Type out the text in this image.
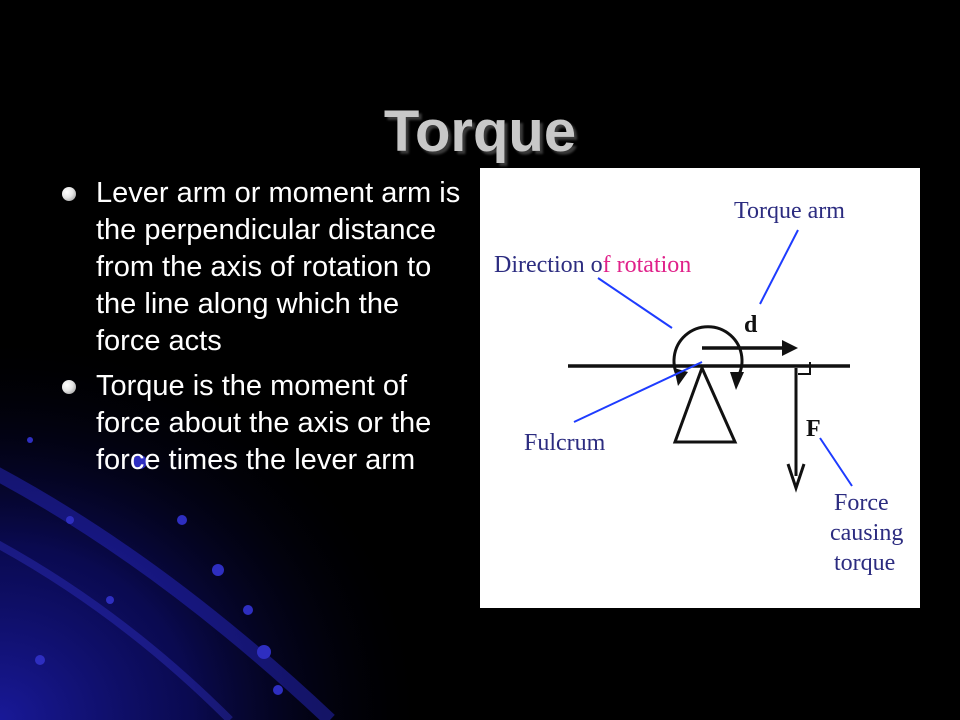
Torque
Lever arm or moment arm is the perpendicular distance from the axis of rotation to the line along which the force acts
Torque is the moment of force about the axis or the force times the lever arm
Torque arm
Direction of rotation
d
Fulcrum
F
Force
causing
torque
